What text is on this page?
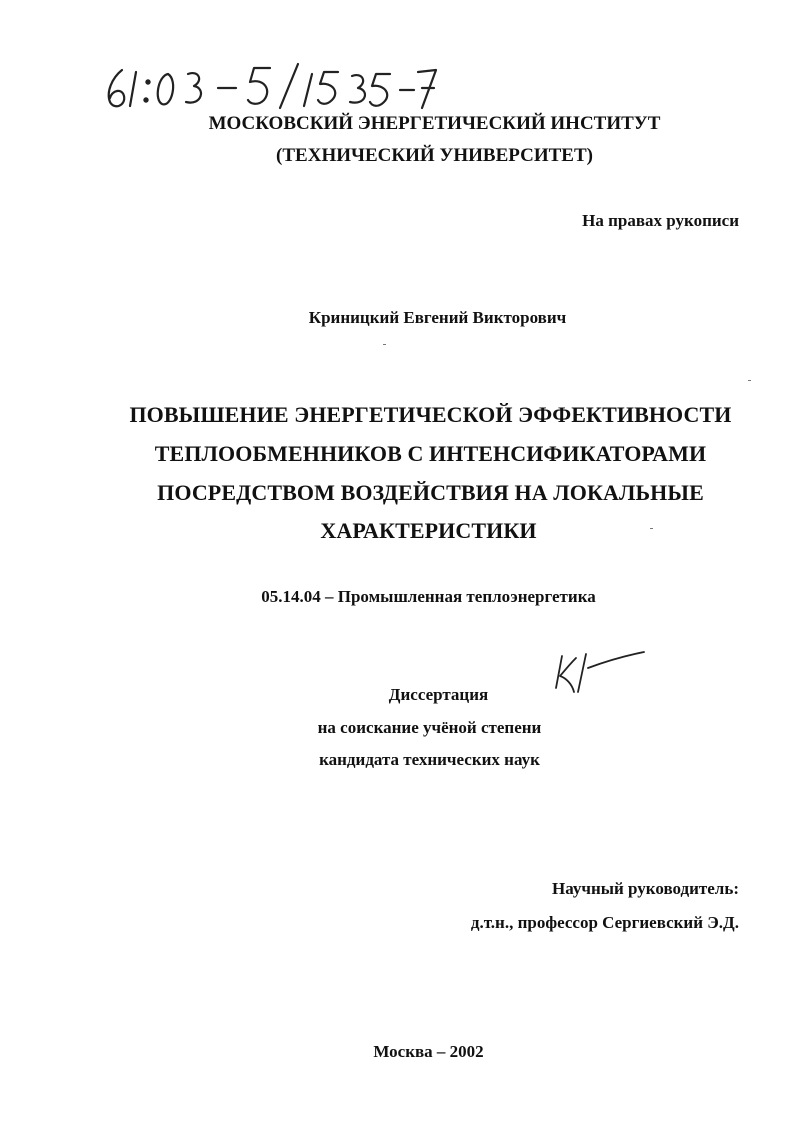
МОСКОВСКИЙ ЭНЕРГЕТИЧЕСКИЙ ИНСТИТУТ
(ТЕХНИЧЕСКИЙ УНИВЕРСИТЕТ)
На правах рукописи
Криницкий Евгений Викторович
ПОВЫШЕНИЕ ЭНЕРГЕТИЧЕСКОЙ ЭФФЕКТИВНОСТИ
ТЕПЛООБМЕННИКОВ С ИНТЕНСИФИКАТОРАМИ
ПОСРЕДСТВОМ ВОЗДЕЙСТВИЯ НА ЛОКАЛЬНЫЕ
ХАРАКТЕРИСТИКИ
05.14.04 – Промышленная теплоэнергетика
Диссертация
на соискание учёной степени
кандидата технических наук
Научный руководитель:
д.т.н., профессор Сергиевский Э.Д.
Москва – 2002
